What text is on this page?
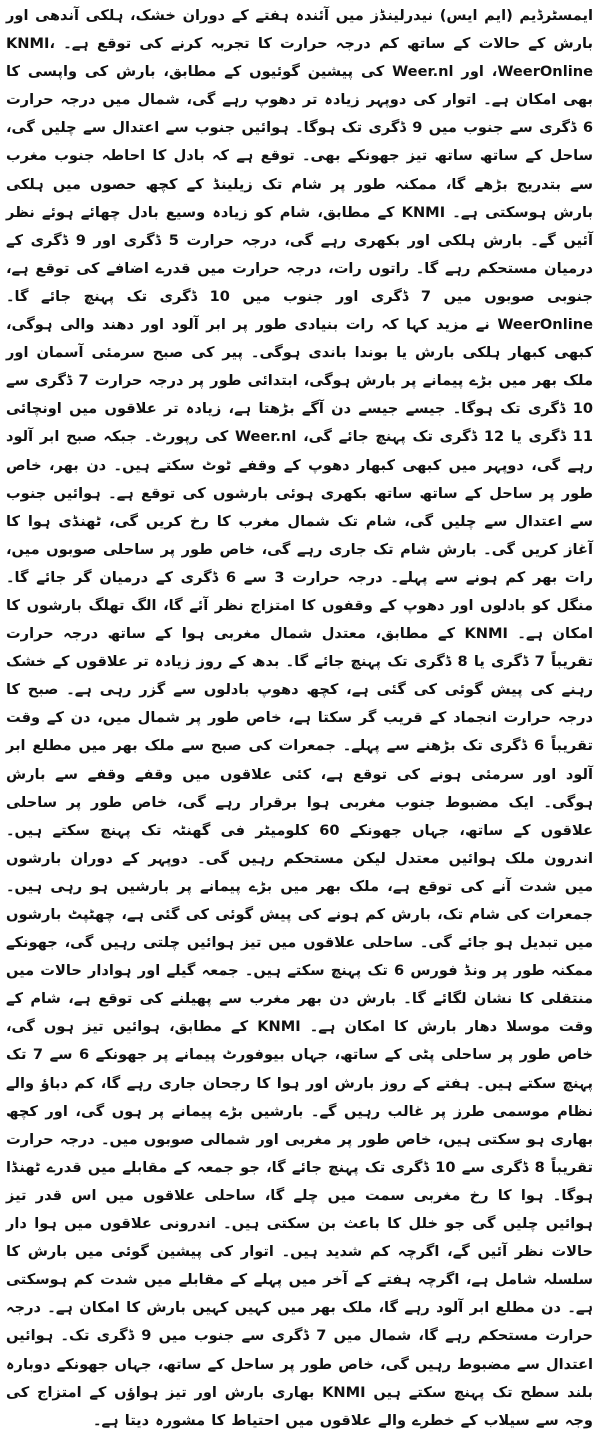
ایمسٹرڈیم (ایم ایس) نیدرلینڈز میں آئندہ ہفتے کے دوران خشک، ہلکی آندھی اور بارش کے حالات کے ساتھ کم درجہ حرارت کا تجربہ کرنے کی توقع ہے۔ KNMI، WeerOnline، اور Weer.nl کی پیشین گوئیوں کے مطابق، بارش کی واپسی کا بھی امکان ہے۔ اتوار کی دوپہر زیادہ تر دھوپ رہے گی، شمال میں درجہ حرارت 6 ڈگری سے جنوب میں 9 ڈگری تک ہوگا۔ ہوائیں جنوب سے اعتدال سے چلیں گی، ساحل کے ساتھ ساتھ تیز جھونکے بھی۔ توقع ہے کہ بادل کا احاطہ جنوب مغرب سے بتدریج بڑھے گا، ممکنہ طور پر شام تک زیلینڈ کے کچھ حصوں میں ہلکی بارش ہوسکتی ہے۔ KNMI کے مطابق، شام کو زیادہ وسیع بادل چھائے ہوئے نظر آئیں گے۔ بارش ہلکی اور بکھری رہے گی، درجہ حرارت 5 ڈگری اور 9 ڈگری کے درمیان مستحکم رہے گا۔ راتوں رات، درجہ حرارت میں قدرے اضافے کی توقع ہے، جنوبی صوبوں میں 7 ڈگری اور جنوب میں 10 ڈگری تک پہنچ جائے گا۔ WeerOnline نے مزید کہا کہ رات بنیادی طور پر ابر آلود اور دھند والی ہوگی، کبھی کبھار ہلکی بارش یا بوندا باندی ہوگی۔ پیر کی صبح سرمئی آسمان اور ملک بھر میں بڑے پیمانے پر بارش ہوگی، ابتدائی طور پر درجہ حرارت 7 ڈگری سے 10 ڈگری تک ہوگا۔ جیسے جیسے دن آگے بڑھتا ہے، زیادہ تر علاقوں میں اونچائی 11 ڈگری یا 12 ڈگری تک پہنچ جائے گی، Weer.nl کی رپورٹ۔ جبکہ صبح ابر آلود رہے گی، دوپہر میں کبھی کبھار دھوپ کے وقفے ٹوٹ سکتے ہیں۔ دن بھر، خاص طور پر ساحل کے ساتھ ساتھ بکھری ہوئی بارشوں کی توقع ہے۔ ہوائیں جنوب سے اعتدال سے چلیں گی، شام تک شمال مغرب کا رخ کریں گی، ٹھنڈی ہوا کا آغاز کریں گی۔ بارش شام تک جاری رہے گی، خاص طور پر ساحلی صوبوں میں، رات بھر کم ہونے سے پہلے۔ درجہ حرارت 3 سے 6 ڈگری کے درمیان گر جائے گا۔ منگل کو بادلوں اور دھوپ کے وقفوں کا امتزاج نظر آئے گا، الگ تھلگ بارشوں کا امکان ہے۔ KNMI کے مطابق، معتدل شمال مغربی ہوا کے ساتھ درجہ حرارت تقریباً 7 ڈگری یا 8 ڈگری تک پہنچ جائے گا۔ بدھ کے روز زیادہ تر علاقوں کے خشک رہنے کی پیش گوئی کی گئی ہے، کچھ دھوپ بادلوں سے گزر رہی ہے۔ صبح کا درجہ حرارت انجماد کے قریب گر سکتا ہے، خاص طور پر شمال میں، دن کے وقت تقریباً 6 ڈگری تک بڑھنے سے پہلے۔ جمعرات کی صبح سے ملک بھر میں مطلع ابر آلود اور سرمئی ہونے کی توقع ہے، کئی علاقوں میں وقفے وقفے سے بارش ہوگی۔ ایک مضبوط جنوب مغربی ہوا برقرار رہے گی، خاص طور پر ساحلی علاقوں کے ساتھ، جہاں جھونکے 60 کلومیٹر فی گھنٹہ تک پہنچ سکتے ہیں۔ اندرون ملک ہوائیں معتدل لیکن مستحکم رہیں گی۔ دوپہر کے دوران بارشوں میں شدت آنے کی توقع ہے، ملک بھر میں بڑے پیمانے پر بارشیں ہو رہی ہیں۔ جمعرات کی شام تک، بارش کم ہونے کی پیش گوئی کی گئی ہے، چھٹپٹ بارشوں میں تبدیل ہو جائے گی۔ ساحلی علاقوں میں تیز ہوائیں چلتی رہیں گی، جھونکے ممکنہ طور پر ونڈ فورس 6 تک پہنچ سکتے ہیں۔ جمعہ گیلے اور ہوادار حالات میں منتقلی کا نشان لگائے گا۔ بارش دن بھر مغرب سے پھیلنے کی توقع ہے، شام کے وقت موسلا دھار بارش کا امکان ہے۔ KNMI کے مطابق، ہوائیں تیز ہوں گی، خاص طور پر ساحلی پٹی کے ساتھ، جہاں بیوفورٹ پیمانے پر جھونکے 6 سے 7 تک پہنچ سکتے ہیں۔ ہفتے کے روز بارش اور ہوا کا رجحان جاری رہے گا، کم دباؤ والے نظام موسمی طرز پر غالب رہیں گے۔ بارشیں بڑے پیمانے پر ہوں گی، اور کچھ بھاری ہو سکتی ہیں، خاص طور پر مغربی اور شمالی صوبوں میں۔ درجہ حرارت تقریباً 8 ڈگری سے 10 ڈگری تک پہنچ جائے گا، جو جمعہ کے مقابلے میں قدرے ٹھنڈا ہوگا۔ ہوا کا رخ مغربی سمت میں چلے گا، ساحلی علاقوں میں اس قدر تیز ہوائیں چلیں گی جو خلل کا باعث بن سکتی ہیں۔ اندرونی علاقوں میں ہوا دار حالات نظر آئیں گے، اگرچہ کم شدید ہیں۔ اتوار کی پیشین گوئی میں بارش کا سلسلہ شامل ہے، اگرچہ ہفتے کے آخر میں پہلے کے مقابلے میں شدت کم ہوسکتی ہے۔ دن مطلع ابر آلود رہے گا، ملک بھر میں کہیں کہیں بارش کا امکان ہے۔ درجہ حرارت مستحکم رہے گا، شمال میں 7 ڈگری سے جنوب میں 9 ڈگری تک۔ ہوائیں اعتدال سے مضبوط رہیں گی، خاص طور پر ساحل کے ساتھ، جہاں جھونکے دوبارہ بلند سطح تک پہنچ سکتے ہیں KNMI بھاری بارش اور تیز ہواؤں کے امتزاج کی وجہ سے سیلاب کے خطرے والے علاقوں میں احتیاط کا مشورہ دیتا ہے۔
